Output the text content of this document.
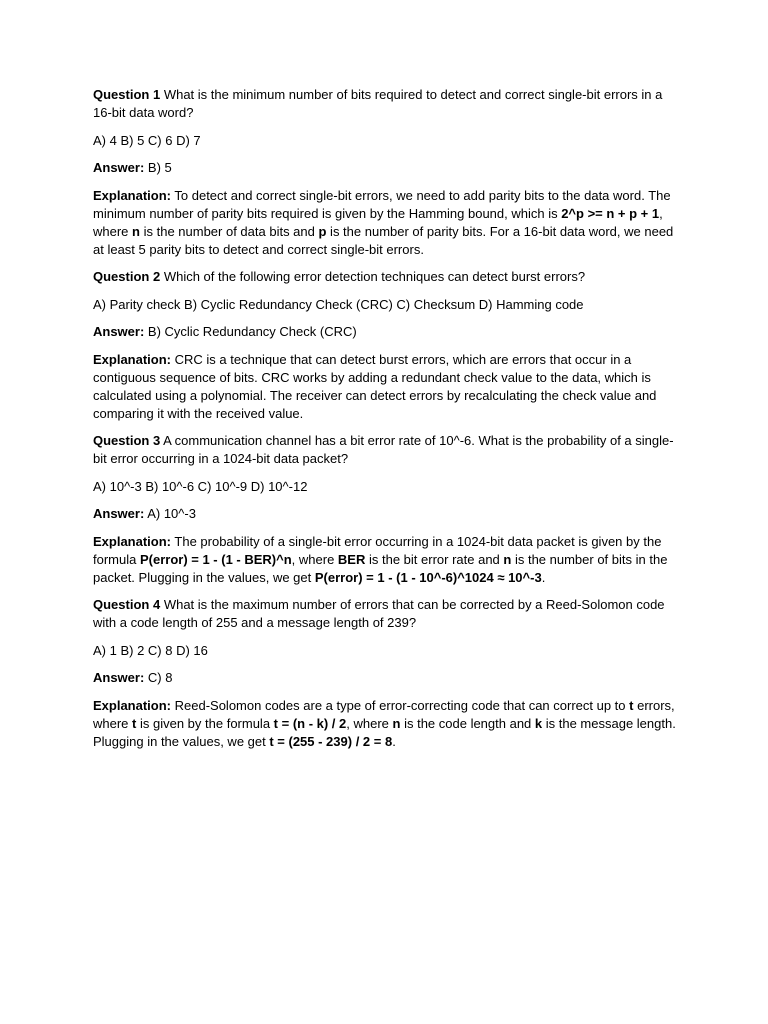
Question 1 What is the minimum number of bits required to detect and correct single-bit errors in a 16-bit data word?

A) 4 B) 5 C) 6 D) 7

Answer: B) 5

Explanation: To detect and correct single-bit errors, we need to add parity bits to the data word. The minimum number of parity bits required is given by the Hamming bound, which is 2^p >= n + p + 1, where n is the number of data bits and p is the number of parity bits. For a 16-bit data word, we need at least 5 parity bits to detect and correct single-bit errors.

Question 2 Which of the following error detection techniques can detect burst errors?

A) Parity check B) Cyclic Redundancy Check (CRC) C) Checksum D) Hamming code

Answer: B) Cyclic Redundancy Check (CRC)

Explanation: CRC is a technique that can detect burst errors, which are errors that occur in a contiguous sequence of bits. CRC works by adding a redundant check value to the data, which is calculated using a polynomial. The receiver can detect errors by recalculating the check value and comparing it with the received value.

Question 3 A communication channel has a bit error rate of 10^-6. What is the probability of a single-bit error occurring in a 1024-bit data packet?

A) 10^-3 B) 10^-6 C) 10^-9 D) 10^-12

Answer: A) 10^-3

Explanation: The probability of a single-bit error occurring in a 1024-bit data packet is given by the formula P(error) = 1 - (1 - BER)^n, where BER is the bit error rate and n is the number of bits in the packet. Plugging in the values, we get P(error) = 1 - (1 - 10^-6)^1024 ≈ 10^-3.

Question 4 What is the maximum number of errors that can be corrected by a Reed-Solomon code with a code length of 255 and a message length of 239?

A) 1 B) 2 C) 8 D) 16

Answer: C) 8

Explanation: Reed-Solomon codes are a type of error-correcting code that can correct up to t errors, where t is given by the formula t = (n - k) / 2, where n is the code length and k is the message length. Plugging in the values, we get t = (255 - 239) / 2 = 8.
